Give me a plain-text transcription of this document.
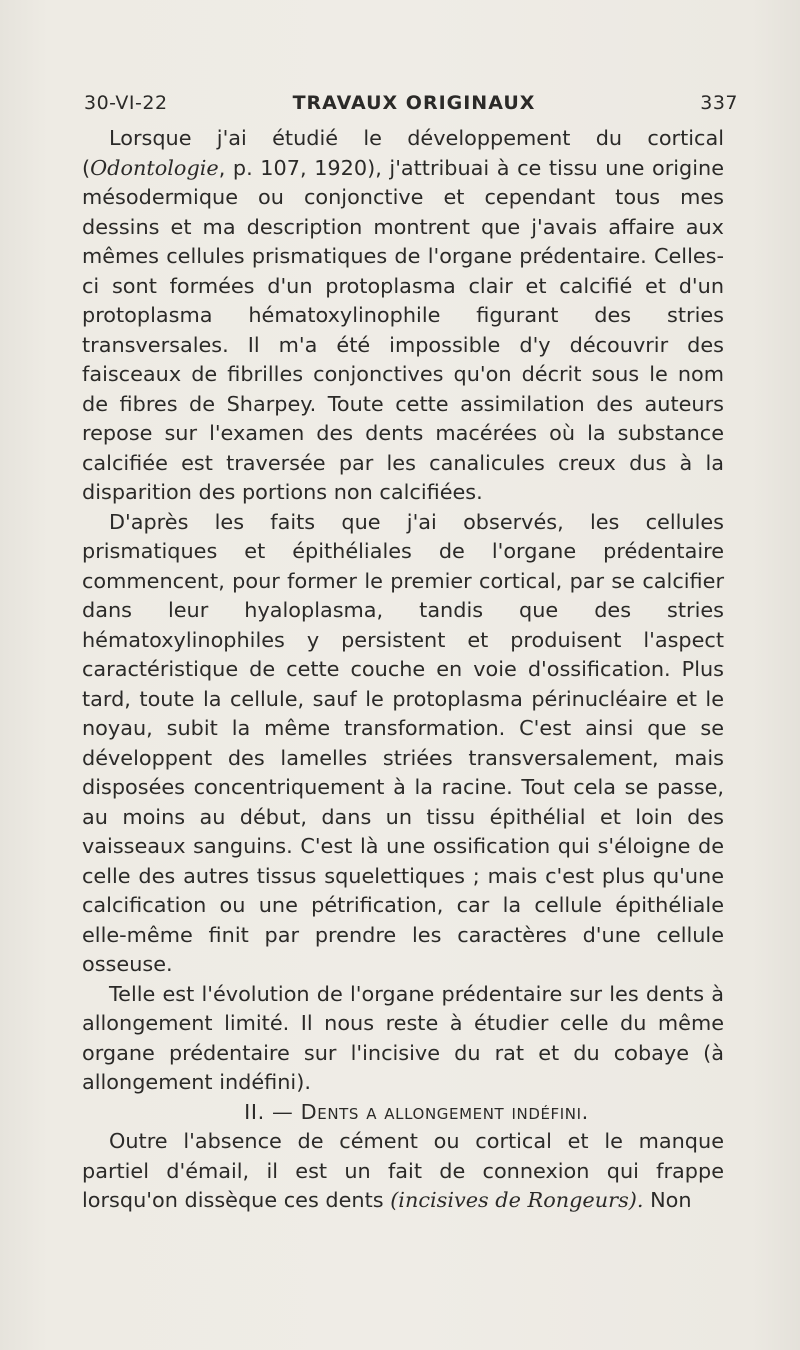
30-VI-22	TRAVAUX ORIGINAUX	337

Lorsque j'ai étudié le développement du cortical (Odontologie, p. 107, 1920), j'attribuai à ce tissu une origine mésodermique ou conjonctive et cependant tous mes dessins et ma description montrent que j'avais affaire aux mêmes cellules prismatiques de l'organe prédentaire. Celles-ci sont formées d'un protoplasma clair et calcifié et d'un protoplasma hématoxylinophile figurant des stries transversales. Il m'a été impossible d'y découvrir des faisceaux de fibrilles conjonctives qu'on décrit sous le nom de fibres de Sharpey. Toute cette assimilation des auteurs repose sur l'examen des dents macérées où la substance calcifiée est traversée par les canalicules creux dus à la disparition des portions non calcifiées.

D'après les faits que j'ai observés, les cellules prismatiques et épithéliales de l'organe prédentaire commencent, pour former le premier cortical, par se calcifier dans leur hyaloplasma, tandis que des stries hématoxylinophiles y persistent et produisent l'aspect caractéristique de cette couche en voie d'ossification. Plus tard, toute la cellule, sauf le protoplasma périnucléaire et le noyau, subit la même transformation. C'est ainsi que se développent des lamelles striées transversalement, mais disposées concentriquement à la racine. Tout cela se passe, au moins au début, dans un tissu épithélial et loin des vaisseaux sanguins. C'est là une ossification qui s'éloigne de celle des autres tissus squelettiques ; mais c'est plus qu'une calcification ou une pétrification, car la cellule épithéliale elle-même finit par prendre les caractères d'une cellule osseuse.

Telle est l'évolution de l'organe prédentaire sur les dents à allongement limité. Il nous reste à étudier celle du même organe prédentaire sur l'incisive du rat et du cobaye (à allongement indéfini).

II. — Dents a allongement indéfini.

Outre l'absence de cément ou cortical et le manque partiel d'émail, il est un fait de connexion qui frappe lorsqu'on dissèque ces dents (incisives de Rongeurs). Non
